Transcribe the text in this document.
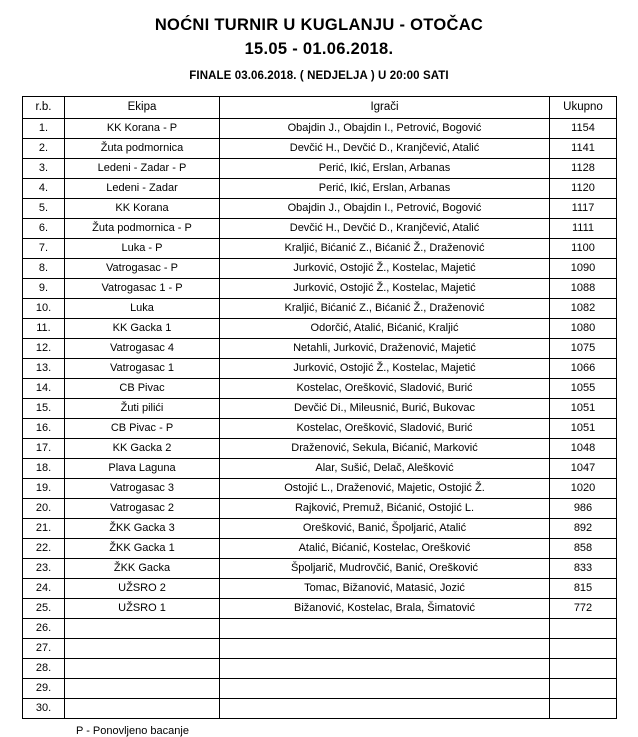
NOĆNI TURNIR U KUGLANJU - OTOČAC
15.05 - 01.06.2018.
FINALE 03.06.2018. ( NEDJELJA ) U 20:00 SATI
r.b.	Ekipa	Igrači	Ukupno
1.	KK Korana - P	Obajdin J., Obajdin I., Petrović, Bogović	1154
2.	Žuta podmornica	Devčić H., Devčić D., Kranjčević, Atalić	1141
3.	Ledeni - Zadar - P	Perić, Ikić, Erslan, Arbanas	1128
4.	Ledeni - Zadar	Perić, Ikić, Erslan, Arbanas	1120
5.	KK Korana	Obajdin J., Obajdin I., Petrović, Bogović	1117
6.	Žuta podmornica - P	Devčić H., Devčić D., Kranjčević, Atalić	1111
7.	Luka - P	Kraljić, Bićanić Z., Bićanić Ž., Draženović	1100
8.	Vatrogasac - P	Jurković, Ostojić Ž., Kostelac, Majetić	1090
9.	Vatrogasac 1 - P	Jurković, Ostojić Ž., Kostelac, Majetić	1088
10.	Luka	Kraljić, Bićanić Z., Bićanić Ž., Draženović	1082
11.	KK Gacka 1	Odorčić, Atalić, Bićanić, Kraljić	1080
12.	Vatrogasac 4	Netahli, Jurković, Draženović, Majetić	1075
13.	Vatrogasac 1	Jurković, Ostojić Ž., Kostelac, Majetić	1066
14.	CB Pivac	Kostelac, Orešković, Sladović, Burić	1055
15.	Žuti pilići	Devčić Di., Mileusnić, Burić, Bukovac	1051
16.	CB Pivac - P	Kostelac, Orešković, Sladović, Burić	1051
17.	KK Gacka 2	Draženović, Sekula, Bićanić, Marković	1048
18.	Plava Laguna	Alar, Sušić, Delač, Alešković	1047
19.	Vatrogasac 3	Ostojić L., Draženović, Majetic, Ostojić Ž.	1020
20.	Vatrogasac 2	Rajković, Premuž, Bićanić, Ostojić L.	986
21.	ŽKK Gacka 3	Orešković, Banić, Špoljarić, Atalić	892
22.	ŽKK Gacka 1	Atalić, Bićanić, Kostelac, Orešković	858
23.	ŽKK Gacka	Špoljarič, Mudrovčić, Banić, Orešković	833
24.	UŽSRO 2	Tomac, Bižanović, Matasić, Jozić	815
25.	UŽSRO 1	Bižanović, Kostelac, Brala, Šimatović	772
26.			
27.			
28.			
29.			
30.			
P - Ponovljeno bacanje
